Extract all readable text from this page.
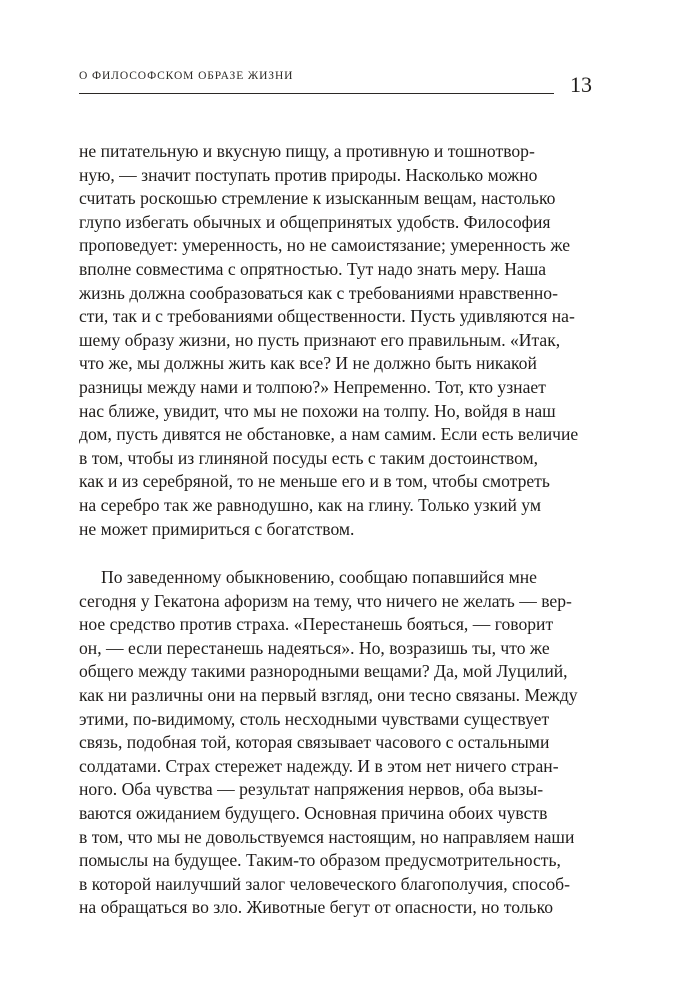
О ФИЛОСОФСКОМ ОБРАЗЕ ЖИЗНИ	13
не питательную и вкусную пищу, а противную и тошнотвор-
ную, — значит поступать против природы. Насколько можно
считать роскошью стремление к изысканным вещам, настолько
глупо избегать обычных и общепринятых удобств. Философия
проповедует: умеренность, но не самоистязание; умеренность же
вполне совместима с опрятностью. Тут надо знать меру. Наша
жизнь должна сообразоваться как с требованиями нравственно-
сти, так и с требованиями общественности. Пусть удивляются на-
шему образу жизни, но пусть признают его правильным. «Итак,
что же, мы должны жить как все? И не должно быть никакой
разницы между нами и толпою?» Непременно. Тот, кто узнает
нас ближе, увидит, что мы не похожи на толпу. Но, войдя в наш
дом, пусть дивятся не обстановке, а нам самим. Если есть величие
в том, чтобы из глиняной посуды есть с таким достоинством,
как и из серебряной, то не меньше его и в том, чтобы смотреть
на серебро так же равнодушно, как на глину. Только узкий ум
не может примириться с богатством.
По заведенному обыкновению, сообщаю попавшийся мне
сегодня у Гекатона афоризм на тему, что ничего не желать — вер-
ное средство против страха. «Перестанешь бояться, — говорит
он, — если перестанешь надеяться». Но, возразишь ты, что же
общего между такими разнородными вещами? Да, мой Луцилий,
как ни различны они на первый взгляд, они тесно связаны. Между
этими, по-видимому, столь несходными чувствами существует
связь, подобная той, которая связывает часового с остальными
солдатами. Страх стережет надежду. И в этом нет ничего стран-
ного. Оба чувства — результат напряжения нервов, оба вызы-
ваются ожиданием будущего. Основная причина обоих чувств
в том, что мы не довольствуемся настоящим, но направляем наши
помыслы на будущее. Таким-то образом предусмотрительность,
в которой наилучший залог человеческого благополучия, способ-
на обращаться во зло. Животные бегут от опасности, но только
